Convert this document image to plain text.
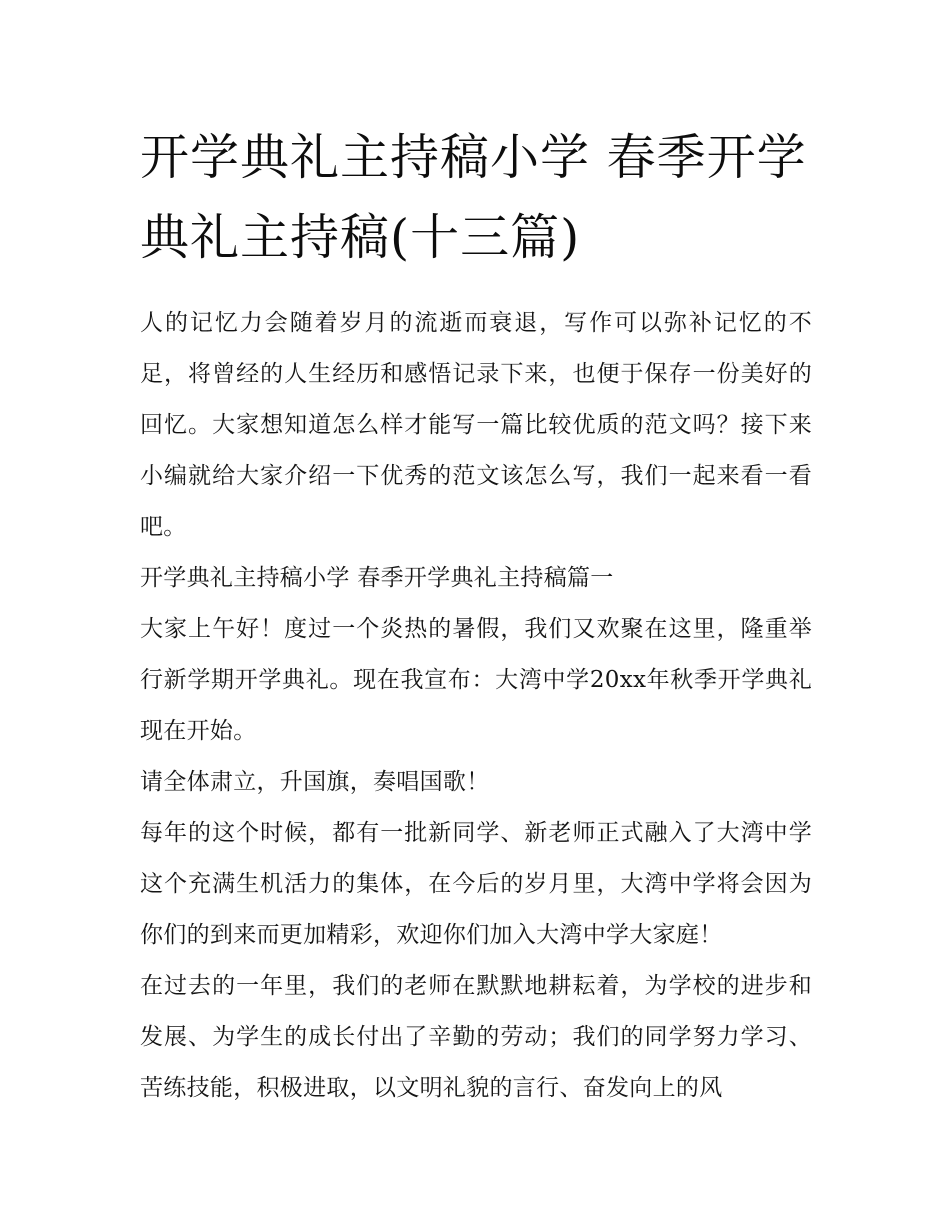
开学典礼主持稿小学 春季开学典礼主持稿(十三篇)

人的记忆力会随着岁月的流逝而衰退，写作可以弥补记忆的不足，将曾经的人生经历和感悟记录下来，也便于保存一份美好的回忆。大家想知道怎么样才能写一篇比较优质的范文吗？接下来小编就给大家介绍一下优秀的范文该怎么写，我们一起来看一看吧。

开学典礼主持稿小学 春季开学典礼主持稿篇一

大家上午好！度过一个炎热的暑假，我们又欢聚在这里，隆重举行新学期开学典礼。现在我宣布：大湾中学20xx年秋季开学典礼现在开始。

请全体肃立，升国旗，奏唱国歌！

每年的这个时候，都有一批新同学、新老师正式融入了大湾中学这个充满生机活力的集体，在今后的岁月里，大湾中学将会因为你们的到来而更加精彩，欢迎你们加入大湾中学大家庭！

在过去的一年里，我们的老师在默默地耕耘着，为学校的进步和发展、为学生的成长付出了辛勤的劳动；我们的同学努力学习、苦练技能，积极进取，以文明礼貌的言行、奋发向上的风
